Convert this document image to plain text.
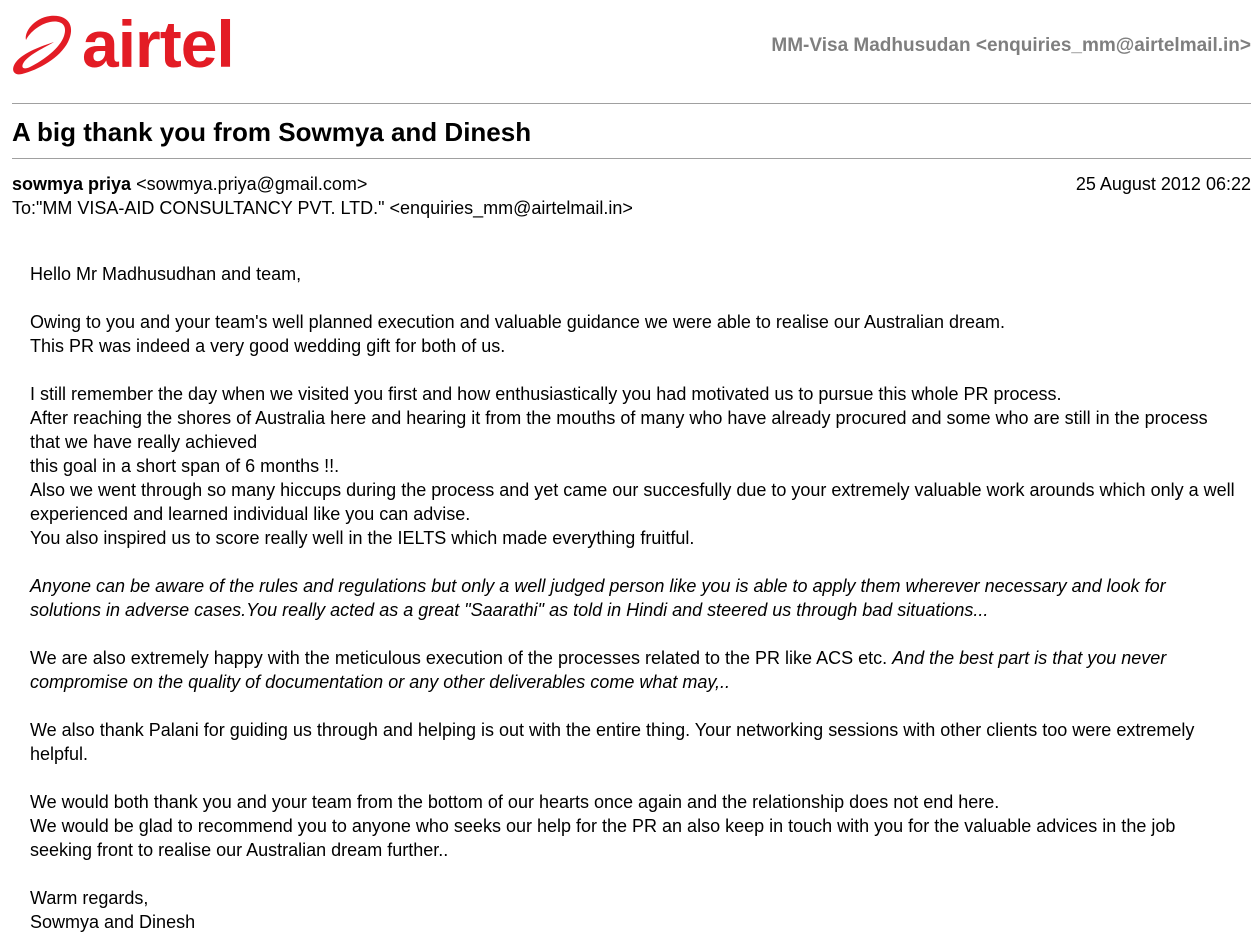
airtel	MM-Visa Madhusudan <enquiries_mm@airtelmail.in>
A big thank you from Sowmya and Dinesh
sowmya priya <sowmya.priya@gmail.com>	25 August 2012 06:22
To:"MM VISA-AID CONSULTANCY PVT. LTD." <enquiries_mm@airtelmail.in>

Hello Mr Madhusudhan and team,

Owing to you and your team's well planned execution and valuable guidance we were able to realise our Australian dream.
This PR was indeed a very good wedding gift for both of us.

I still remember the day when we visited you first and how enthusiastically you had motivated us to pursue this whole PR process.
After reaching the shores of Australia here and hearing it from the mouths of many who have already procured and some who are still in the process that we have really achieved
this goal in a short span of 6 months !!.
Also we went through so many hiccups during the process and yet came our succesfully due to your extremely valuable work arounds which only a well experienced and learned individual like you can advise.
You also inspired us to score really well in the IELTS which made everything fruitful.

Anyone can be aware of the rules and regulations but only a well judged person like you is able to apply them wherever necessary and look for solutions in adverse cases.You really acted as a great "Saarathi" as told in Hindi and steered us through bad situations...

We are also extremely happy with the meticulous execution of the processes related to the PR like ACS etc. And the best part is that you never compromise on the quality of documentation or any other deliverables come what may,..

We also thank Palani for guiding us through and helping is out with the entire thing. Your networking sessions with other clients too were extremely helpful.

We would both thank you and your team from the bottom of our hearts once again and the relationship does not end here.
We would be glad to recommend you to anyone who seeks our help for the PR an also keep in touch with you for the valuable advices in the job seeking front to realise our Australian dream further..

Warm regards,
Sowmya and Dinesh
